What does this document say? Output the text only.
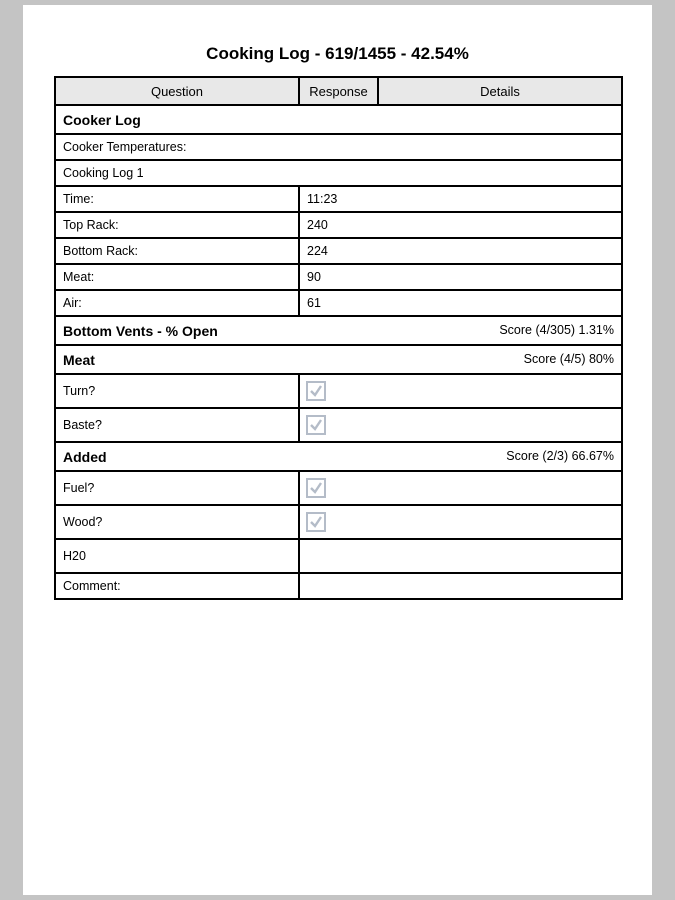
Cooking Log - 619/1455 - 42.54%
Question	Response	Details

Cooker Log		

Cooker Temperatures:		
Cooking Log 1		
Time:	11:23	
Top Rack:	240	
Bottom Rack:	224	
Meat:	90	
Air:	61	

Bottom Vents - % Open Score (4/305) 1.31%		

Meat Score (4/5) 80%		

Turn?	
Baste?	

Added Score (2/3) 66.67%		

Fuel?	
Wood?	
H20		
Comment:		
